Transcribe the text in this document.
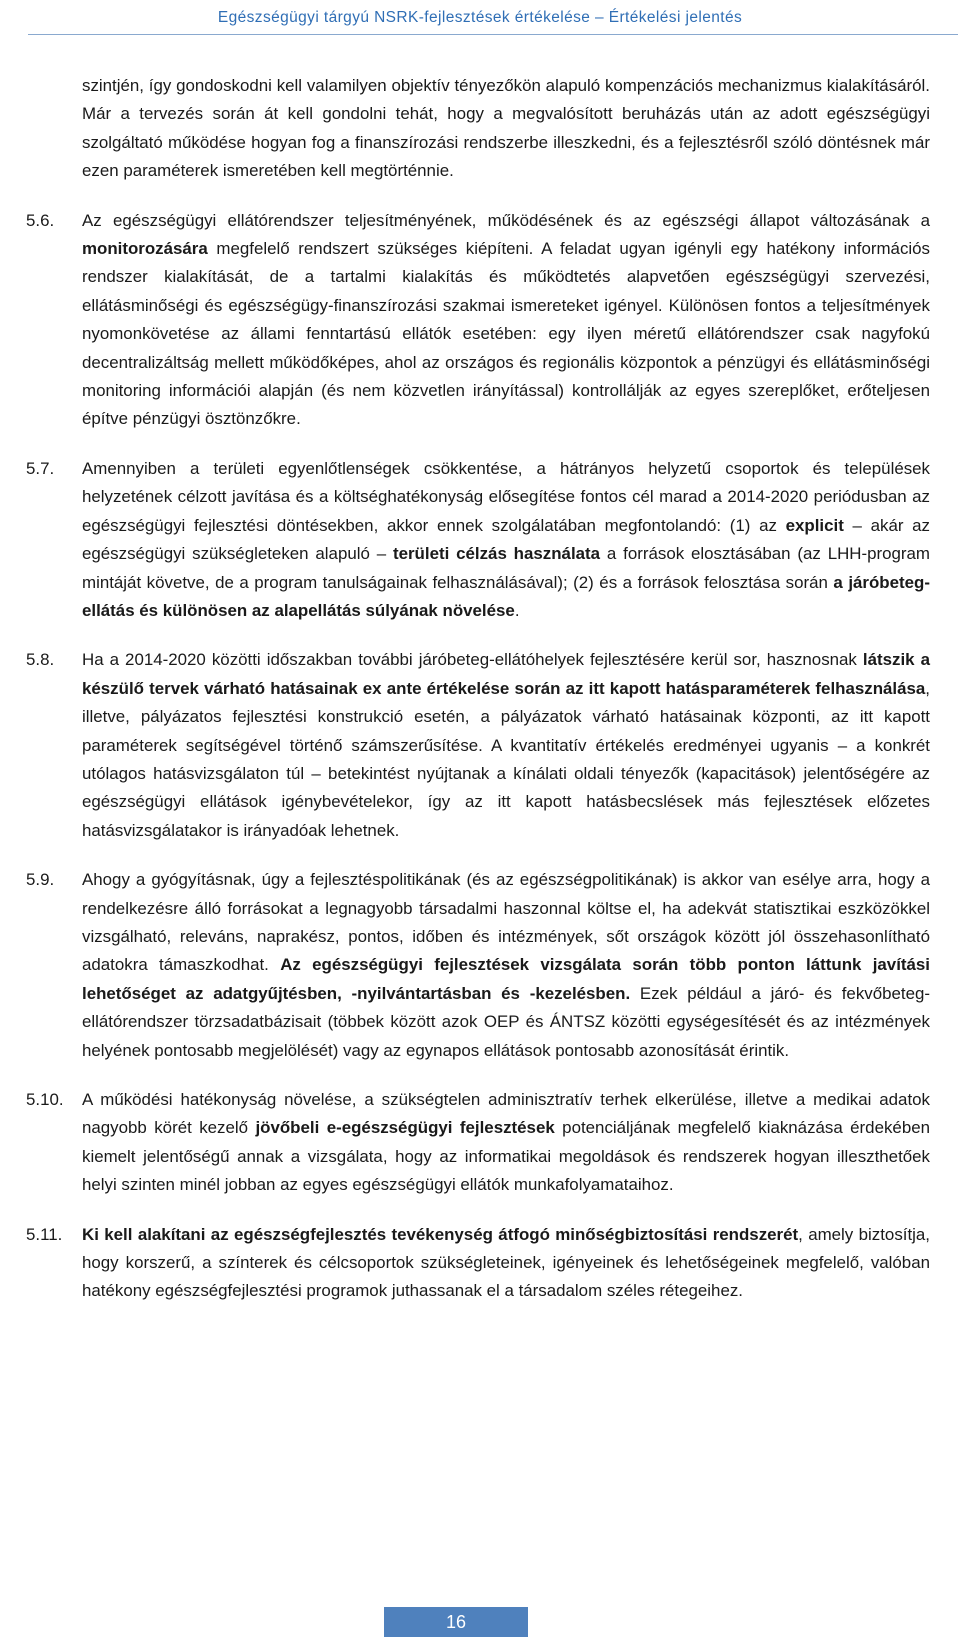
Egészségügyi tárgyú NSRK-fejlesztések értékelése – Értékelési jelentés
szintjén, így gondoskodni kell valamilyen objektív tényezőkön alapuló kompenzációs mechanizmus kialakításáról. Már a tervezés során át kell gondolni tehát, hogy a megvalósított beruházás után az adott egészségügyi szolgáltató működése hogyan fog a finanszírozási rendszerbe illeszkedni, és a fejlesztésről szóló döntésnek már ezen paraméterek ismeretében kell megtörténnie.
5.6.	Az egészségügyi ellátórendszer teljesítményének, működésének és az egészségi állapot változásának a monitorozására megfelelő rendszert szükséges kiépíteni. A feladat ugyan igényli egy hatékony információs rendszer kialakítását, de a tartalmi kialakítás és működtetés alapvetően egészségügyi szervezési, ellátásminőségi és egészségügy-finanszírozási szakmai ismereteket igényel. Különösen fontos a teljesítmények nyomonkövetése az állami fenntartású ellátók esetében: egy ilyen méretű ellátórendszer csak nagyfokú decentralizáltság mellett működőképes, ahol az országos és regionális központok a pénzügyi és ellátásminőségi monitoring információi alapján (és nem közvetlen irányítással) kontrollálják az egyes szereplőket, erőteljesen építve pénzügyi ösztönzőkre.

5.7.	Amennyiben a területi egyenlőtlenségek csökkentése, a hátrányos helyzetű csoportok és települések helyzetének célzott javítása és a költséghatékonyság elősegítése fontos cél marad a 2014-2020 periódusban az egészségügyi fejlesztési döntésekben, akkor ennek szolgálatában megfontolandó: (1) az explicit – akár az egészségügyi szükségleteken alapuló – területi célzás használata a források elosztásában (az LHH-program mintáját követve, de a program tanulságainak felhasználásával); (2) és a források felosztása során a járóbeteg-ellátás és különösen az alapellátás súlyának növelése.

5.8.	Ha a 2014-2020 közötti időszakban további járóbeteg-ellátóhelyek fejlesztésére kerül sor, hasznosnak látszik a készülő tervek várható hatásainak ex ante értékelése során az itt kapott hatásparaméterek felhasználása, illetve, pályázatos fejlesztési konstrukció esetén, a pályázatok várható hatásainak központi, az itt kapott paraméterek segítségével történő számszerűsítése. A kvantitatív értékelés eredményei ugyanis – a konkrét utólagos hatásvizsgálaton túl – betekintést nyújtanak a kínálati oldali tényezők (kapacitások) jelentőségére az egészségügyi ellátások igénybevételekor, így az itt kapott hatásbecslések más fejlesztések előzetes hatásvizsgálatakor is irányadóak lehetnek.

5.9.	Ahogy a gyógyításnak, úgy a fejlesztéspolitikának (és az egészségpolitikának) is akkor van esélye arra, hogy a rendelkezésre álló forrásokat a legnagyobb társadalmi haszonnal költse el, ha adekvát statisztikai eszközökkel vizsgálható, releváns, naprakész, pontos, időben és intézmények, sőt országok között jól összehasonlítható adatokra támaszkodhat. Az egészségügyi fejlesztések vizsgálata során több ponton láttunk javítási lehetőséget az adatgyűjtésben, -nyilvántartásban és -kezelésben. Ezek például a járó- és fekvőbeteg-ellátórendszer törzsadatbázisait (többek között azok OEP és ÁNTSZ közötti egységesítését és az intézmények helyének pontosabb megjelölését) vagy az egynapos ellátások pontosabb azonosítását érintik.

5.10.	A működési hatékonyság növelése, a szükségtelen adminisztratív terhek elkerülése, illetve a medikai adatok nagyobb körét kezelő jövőbeli e-egészségügyi fejlesztések potenciáljának megfelelő kiaknázása érdekében kiemelt jelentőségű annak a vizsgálata, hogy az informatikai megoldások és rendszerek hogyan illeszthetőek helyi szinten minél jobban az egyes egészségügyi ellátók munkafolyamataihoz.

5.11.	Ki kell alakítani az egészségfejlesztés tevékenység átfogó minőségbiztosítási rendszerét, amely biztosítja, hogy korszerű, a színterek és célcsoportok szükségleteinek, igényeinek és lehetőségeinek megfelelő, valóban hatékony egészségfejlesztési programok juthassanak el a társadalom széles rétegeihez.

16
